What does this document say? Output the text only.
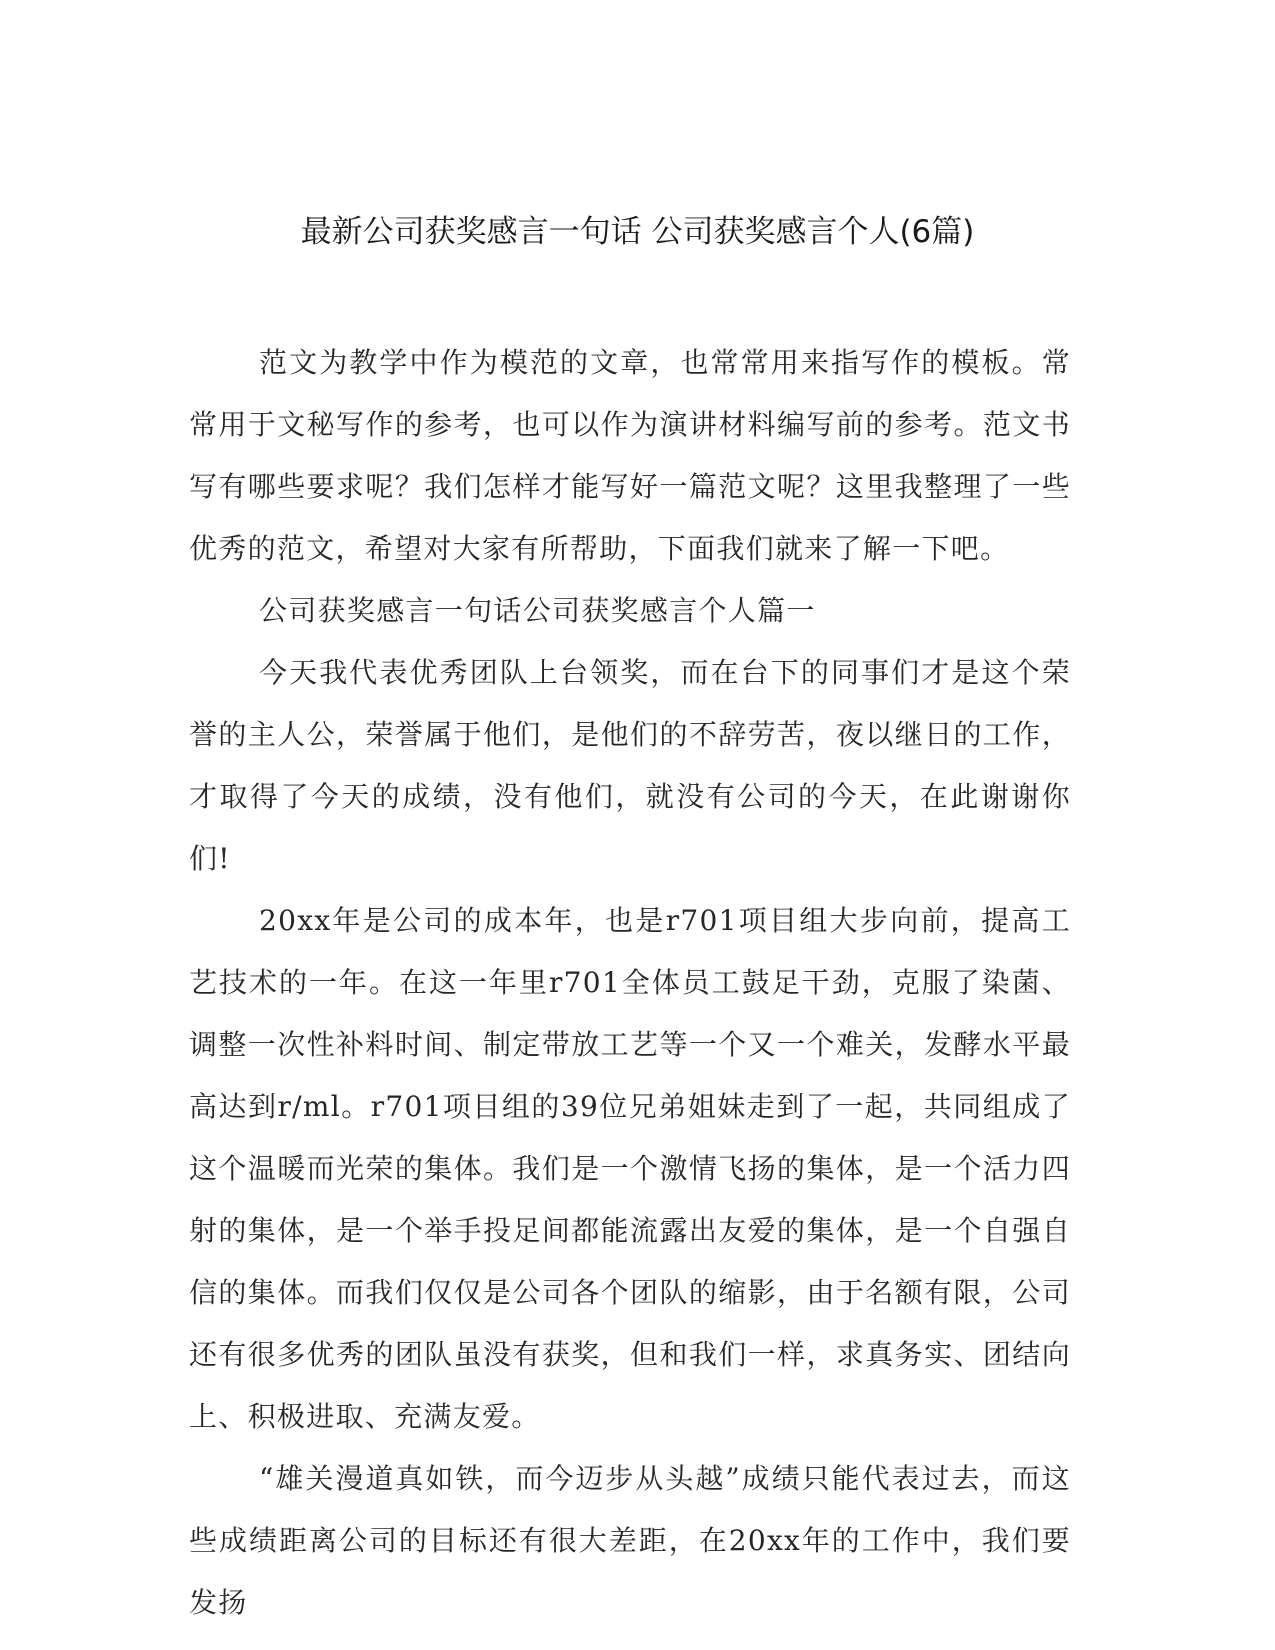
最新公司获奖感言一句话 公司获奖感言个人(6篇)

范文为教学中作为模范的文章，也常常用来指写作的模板。常常用于文秘写作的参考，也可以作为演讲材料编写前的参考。范文书写有哪些要求呢？我们怎样才能写好一篇范文呢？这里我整理了一些优秀的范文，希望对大家有所帮助，下面我们就来了解一下吧。

公司获奖感言一句话公司获奖感言个人篇一

今天我代表优秀团队上台领奖，而在台下的同事们才是这个荣誉的主人公，荣誉属于他们，是他们的不辞劳苦，夜以继日的工作，才取得了今天的成绩，没有他们，就没有公司的今天，在此谢谢你们!

20xx年是公司的成本年，也是r701项目组大步向前，提高工艺技术的一年。在这一年里r701全体员工鼓足干劲，克服了染菌、调整一次性补料时间、制定带放工艺等一个又一个难关，发酵水平最高达到r/ml。r701项目组的39位兄弟姐妹走到了一起，共同组成了这个温暖而光荣的集体。我们是一个激情飞扬的集体，是一个活力四射的集体，是一个举手投足间都能流露出友爱的集体，是一个自强自信的集体。而我们仅仅是公司各个团队的缩影，由于名额有限，公司还有很多优秀的团队虽没有获奖，但和我们一样，求真务实、团结向上、积极进取、充满友爱。

“雄关漫道真如铁，而今迈步从头越”成绩只能代表过去，而这些成绩距离公司的目标还有很大差距，在20xx年的工作中，我们要发扬
